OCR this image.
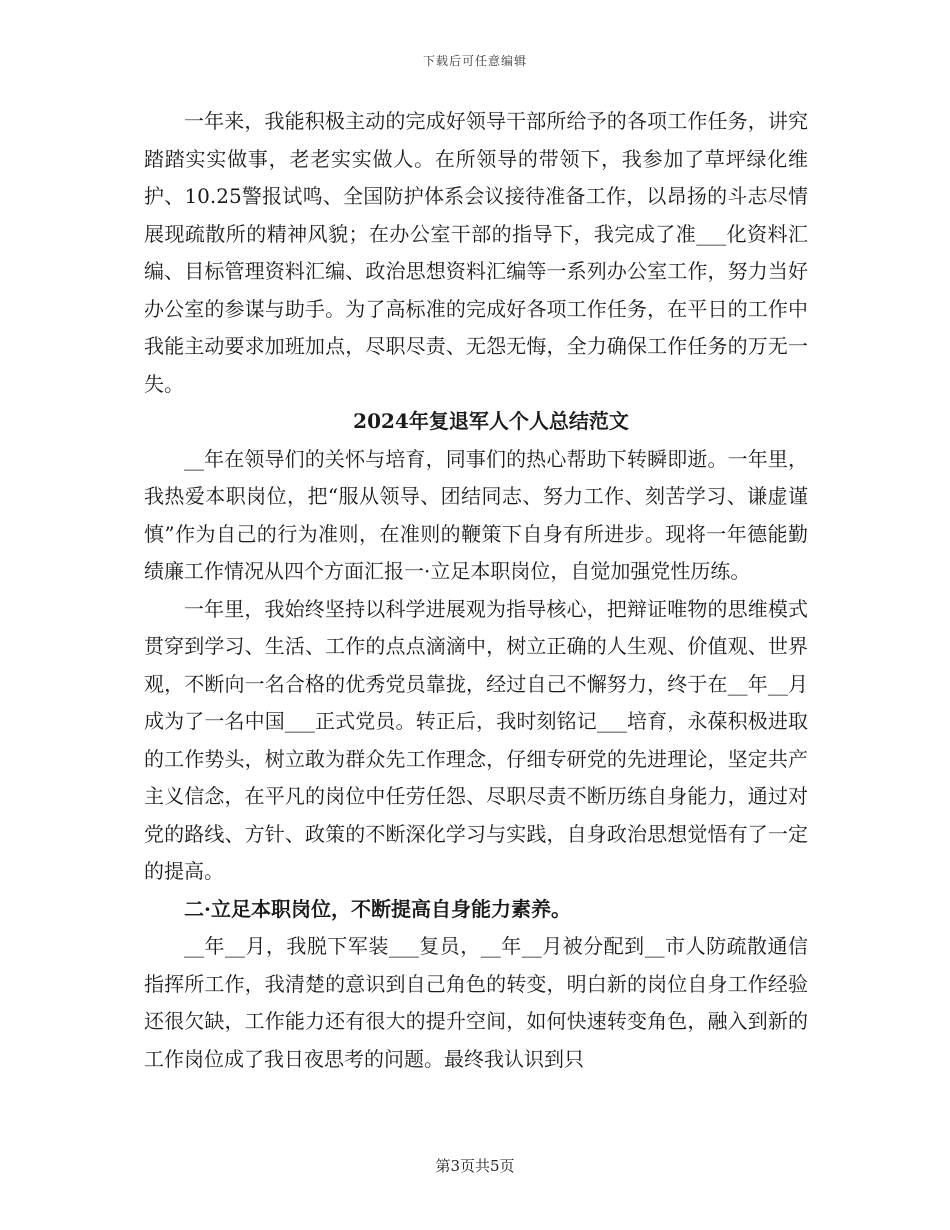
下载后可任意编辑

一年来，我能积极主动的完成好领导干部所给予的各项工作任务，讲究踏踏实实做事，老老实实做人。在所领导的带领下，我参加了草坪绿化维护、10.25警报试鸣、全国防护体系会议接待准备工作，以昂扬的斗志尽情展现疏散所的精神风貌；在办公室干部的指导下，我完成了准___化资料汇编、目标管理资料汇编、政治思想资料汇编等一系列办公室工作，努力当好办公室的参谋与助手。为了高标准的完成好各项工作任务，在平日的工作中我能主动要求加班加点，尽职尽责、无怨无悔，全力确保工作任务的万无一失。

2024年复退军人个人总结范文

__年在领导们的关怀与培育，同事们的热心帮助下转瞬即逝。一年里，我热爱本职岗位，把“服从领导、团结同志、努力工作、刻苦学习、谦虚谨慎”作为自己的行为准则，在准则的鞭策下自身有所进步。现将一年德能勤绩廉工作情况从四个方面汇报一·立足本职岗位，自觉加强党性历练。

一年里，我始终坚持以科学进展观为指导核心，把辩证唯物的思维模式贯穿到学习、生活、工作的点点滴滴中，树立正确的人生观、价值观、世界观，不断向一名合格的优秀党员靠拢，经过自己不懈努力，终于在__年__月成为了一名中国___正式党员。转正后，我时刻铭记___培育，永葆积极进取的工作势头，树立敢为群众先工作理念，仔细专研党的先进理论，坚定共产主义信念，在平凡的岗位中任劳任怨、尽职尽责不断历练自身能力，通过对党的路线、方针、政策的不断深化学习与实践，自身政治思想觉悟有了一定的提高。

二·立足本职岗位，不断提高自身能力素养。

__年__月，我脱下军装___复员，__年__月被分配到__市人防疏散通信指挥所工作，我清楚的意识到自己角色的转变，明白新的岗位自身工作经验还很欠缺，工作能力还有很大的提升空间，如何快速转变角色，融入到新的工作岗位成了我日夜思考的问题。最终我认识到只

第3页共5页
